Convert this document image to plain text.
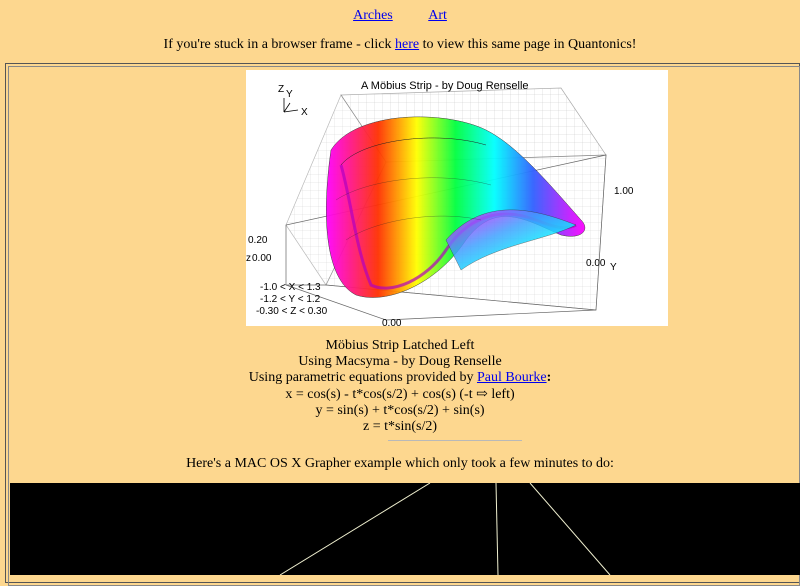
Arches	Art
If you're stuck in a browser frame - click here to view this same page in Quantonics!
A Möbius Strip - by Doug Renselle
Z Y
X
0.20
z 0.00
1.00
0.00 Y
0.00
-1.0 < X < 1.3
-1.2 < Y < 1.2
-0.30 < Z < 0.30
Möbius Strip Latched Left
Using Macsyma - by Doug Renselle
Using parametric equations provided by Paul Bourke:
x = cos(s) - t*cos(s/2) + cos(s) (-t ⇨ left)
y = sin(s) + t*cos(s/2) + sin(s)
z = t*sin(s/2)
Here's a MAC OS X Grapher example which only took a few minutes to do:
